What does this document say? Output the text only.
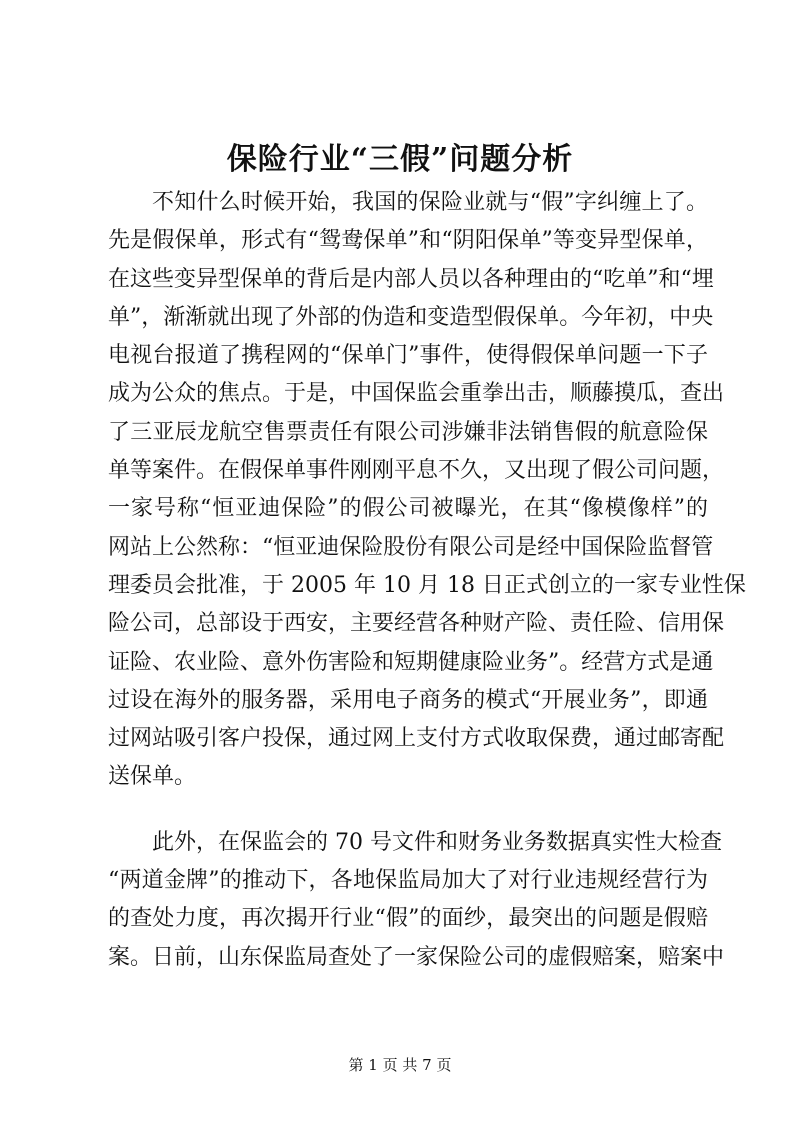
保险行业“三假”问题分析
不知什么时候开始，我国的保险业就与“假”字纠缠上了。
先是假保单，形式有“鸳鸯保单”和“阴阳保单”等变异型保单，
在这些变异型保单的背后是内部人员以各种理由的“吃单”和“埋
单”，渐渐就出现了外部的伪造和变造型假保单。今年初，中央
电视台报道了携程网的“保单门”事件，使得假保单问题一下子
成为公众的焦点。于是，中国保监会重拳出击，顺藤摸瓜，查出
了三亚辰龙航空售票责任有限公司涉嫌非法销售假的航意险保
单等案件。在假保单事件刚刚平息不久，又出现了假公司问题，
一家号称“恒亚迪保险”的假公司被曝光，在其“像模像样”的
网站上公然称：“恒亚迪保险股份有限公司是经中国保险监督管
理委员会批准，于 2005 年 10 月 18 日正式创立的一家专业性保
险公司，总部设于西安，主要经营各种财产险、责任险、信用保
证险、农业险、意外伤害险和短期健康险业务”。经营方式是通
过设在海外的服务器，采用电子商务的模式“开展业务”，即通
过网站吸引客户投保，通过网上支付方式收取保费，通过邮寄配
送保单。
此外，在保监会的 70 号文件和财务业务数据真实性大检查
“两道金牌”的推动下，各地保监局加大了对行业违规经营行为
的查处力度，再次揭开行业“假”的面纱，最突出的问题是假赔
案。日前，山东保监局查处了一家保险公司的虚假赔案，赔案中
第 1 页 共 7 页
